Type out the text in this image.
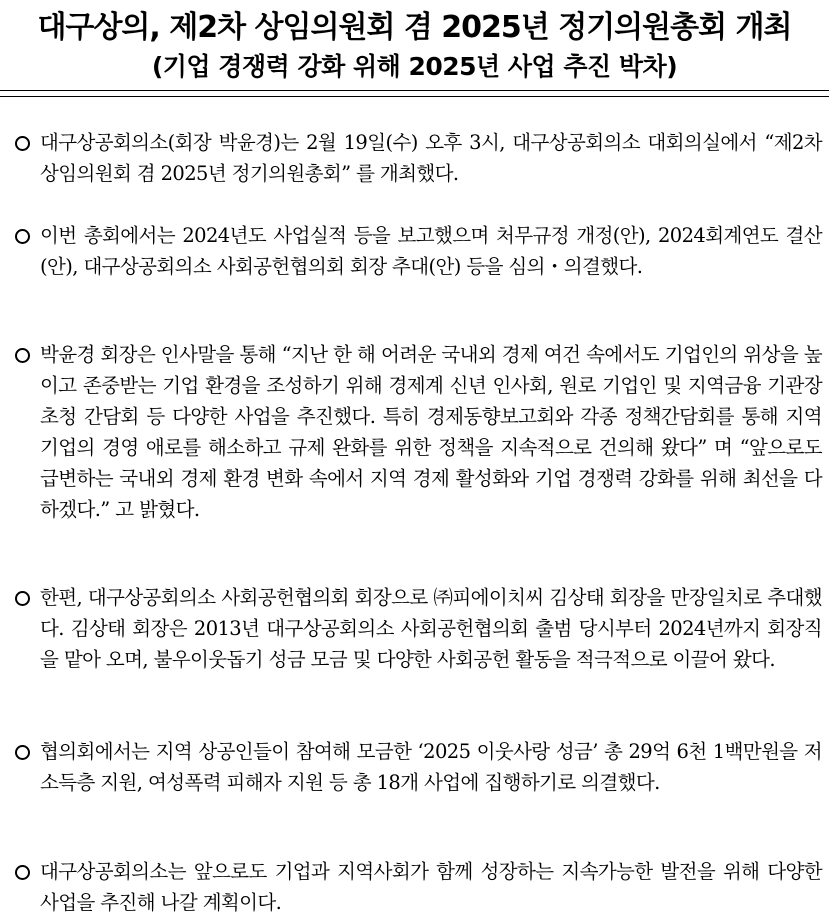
대구상의, 제2차 상임의원회 겸 2025년 정기의원총회 개최
(기업 경쟁력 강화 위해 2025년 사업 추진 박차)
대구상공회의소(회장 박윤경)는 2월 19일(수) 오후 3시, 대구상공회의소 대회의실에서 “제2차 상임의원회 겸 2025년 정기의원총회” 를 개최했다.
이번 총회에서는 2024년도 사업실적 등을 보고했으며 처무규정 개정(안), 2024회계연도 결산(안), 대구상공회의소 사회공헌협의회 회장 추대(안) 등을 심의・의결했다.
박윤경 회장은 인사말을 통해 “지난 한 해 어려운 국내외 경제 여건 속에서도 기업인의 위상을 높이고 존중받는 기업 환경을 조성하기 위해 경제계 신년 인사회, 원로 기업인 및 지역금융 기관장 초청 간담회 등 다양한 사업을 추진했다. 특히 경제동향보고회와 각종 정책간담회를 통해 지역 기업의 경영 애로를 해소하고 규제 완화를 위한 정책을 지속적으로 건의해 왔다” 며 “앞으로도 급변하는 국내외 경제 환경 변화 속에서 지역 경제 활성화와 기업 경쟁력 강화를 위해 최선을 다하겠다.” 고 밝혔다.
한편, 대구상공회의소 사회공헌협의회 회장으로 ㈜피에이치씨 김상태 회장을 만장일치로 추대했다. 김상태 회장은 2013년 대구상공회의소 사회공헌협의회 출범 당시부터 2024년까지 회장직을 맡아 오며, 불우이웃돕기 성금 모금 및 다양한 사회공헌 활동을 적극적으로 이끌어 왔다.
협의회에서는 지역 상공인들이 참여해 모금한 ‘2025 이웃사랑 성금’ 총 29억 6천 1백만원을 저소득층 지원, 여성폭력 피해자 지원 등 총 18개 사업에 집행하기로 의결했다.
대구상공회의소는 앞으로도 기업과 지역사회가 함께 성장하는 지속가능한 발전을 위해 다양한 사업을 추진해 나갈 계획이다.
